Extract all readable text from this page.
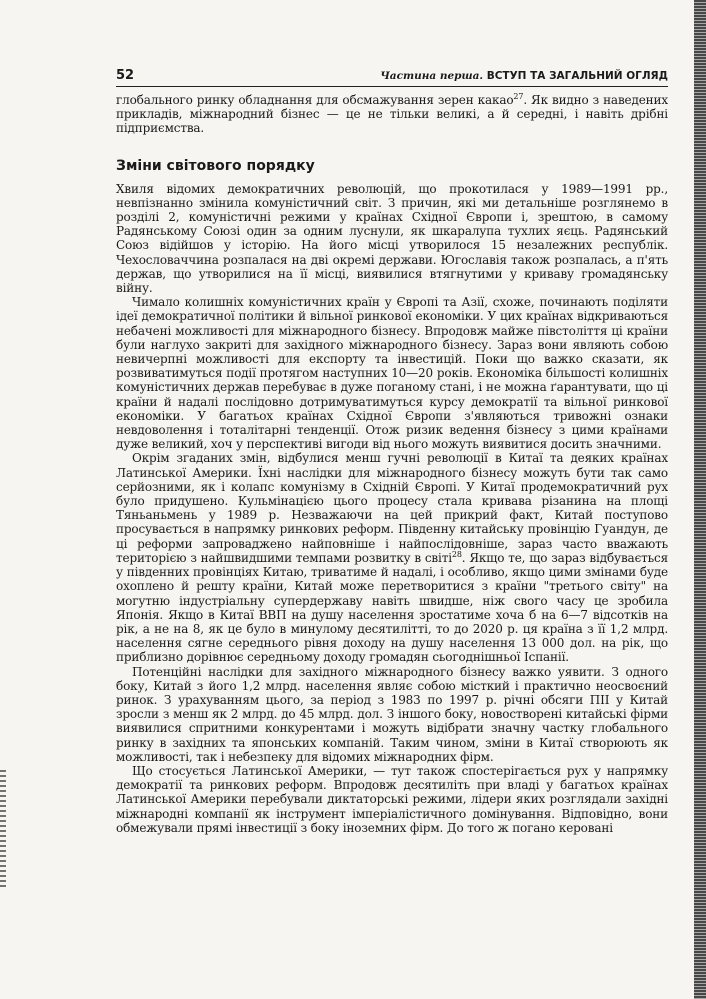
52	Частина перша. ВСТУП ТА ЗАГАЛЬНИЙ ОГЛЯД

глобального ринку обладнання для обсмажування зерен какао$^{27}$. Як видно з наведених прикладів, міжнародний бізнес — це не тільки великі, а й середні, і навіть дрібні підприємства.

Зміни світового порядку

Хвиля відомих демократичних революцій, що прокотилася у 1989—1991 рр., невпізнанно змінила комуністичний світ. З причин, які ми детальніше розглянемо в розділі 2, комуністичні режими у країнах Східної Європи і, зрештою, в самому Радянському Союзі один за одним луснули, як шкаралупа тухлих яєць. Радянський Союз відійшов у історію. На його місці утворилося 15 незалежних республік. Чехословаччина розпалася на дві окремі держави. Югославія також розпалась, а п'ять держав, що утворилися на її місці, виявилися втягнутими у криваву громадянську війну.

Чимало колишніх комуністичних країн у Європі та Азії, схоже, починають поділяти ідеї демократичної політики й вільної ринкової економіки. У цих країнах відкриваються небачені можливості для міжнародного бізнесу. Впродовж майже півстоліття ці країни були наглухо закриті для західного міжнародного бізнесу. Зараз вони являють собою невичерпні можливості для експорту та інвестицій. Поки що важко сказати, як розвиватимуться події протягом наступних 10—20 років. Економіка більшості колишніх комуністичних держав перебуває в дуже поганому стані, і не можна ґарантувати, що ці країни й надалі послідовно дотримуватимуться курсу демократії та вільної ринкової економіки. У багатьох країнах Східної Європи з'являються тривожні ознаки невдоволення і тоталітарні тенденції. Отож ризик ведення бізнесу з цими країнами дуже великий, хоч у перспективі вигоди від нього можуть виявитися досить значними.

Окрім згаданих змін, відбулися менш гучні революції в Китаї та деяких країнах Латинської Америки. Їхні наслідки для міжнародного бізнесу можуть бути так само серйозними, як і колапс комунізму в Східній Європі. У Китаї продемократичний рух було придушено. Кульмінацією цього процесу стала кривава різанина на площі Тяньаньмень у 1989 р. Незважаючи на цей прикрий факт, Китай поступово просувається в напрямку ринкових реформ. Південну китайську провінцію Гуандун, де ці реформи запроваджено найповніше і найпослідовніше, зараз часто вважають територією з найшвидшими темпами розвитку в світі$^{28}$. Якщо те, що зараз відбувається у південних провінціях Китаю, триватиме й надалі, і особливо, якщо цими змінами буде охоплено й решту країни, Китай може перетворитися з країни "третього світу" на могутню індустріальну супердержаву навіть швидше, ніж свого часу це зробила Японія. Якщо в Китаї ВВП на душу населення зростатиме хоча б на 6—7 відсотків на рік, а не на 8, як це було в минулому десятилітті, то до 2020 р. ця країна з її 1,2 млрд. населення сягне середнього рівня доходу на душу населення 13 000 дол. на рік, що приблизно дорівнює середньому доходу громадян сьогоднішньої Іспанії.

Потенційні наслідки для західного міжнародного бізнесу важко уявити. З одного боку, Китай з його 1,2 млрд. населення являє собою місткий і практично неосвоєний ринок. З урахуванням цього, за період з 1983 по 1997 р. річні обсяги ПІІ у Китай зросли з менш як 2 млрд. до 45 млрд. дол. З іншого боку, новостворені китайські фірми виявилися спритними конкурентами і можуть відібрати значну частку глобального ринку в західних та японських компаній. Таким чином, зміни в Китаї створюють як можливості, так і небезпеку для відомих міжнародних фірм.

Що стосується Латинської Америки, — тут також спостерігається рух у напрямку демократії та ринкових реформ. Впродовж десятиліть при владі у багатьох країнах Латинської Америки перебували диктаторські режими, лідери яких розглядали західні міжнародні компанії як інструмент імперіалістичного домінування. Відповідно, вони обмежували прямі інвестиції з боку іноземних фірм. До того ж погано керовані
